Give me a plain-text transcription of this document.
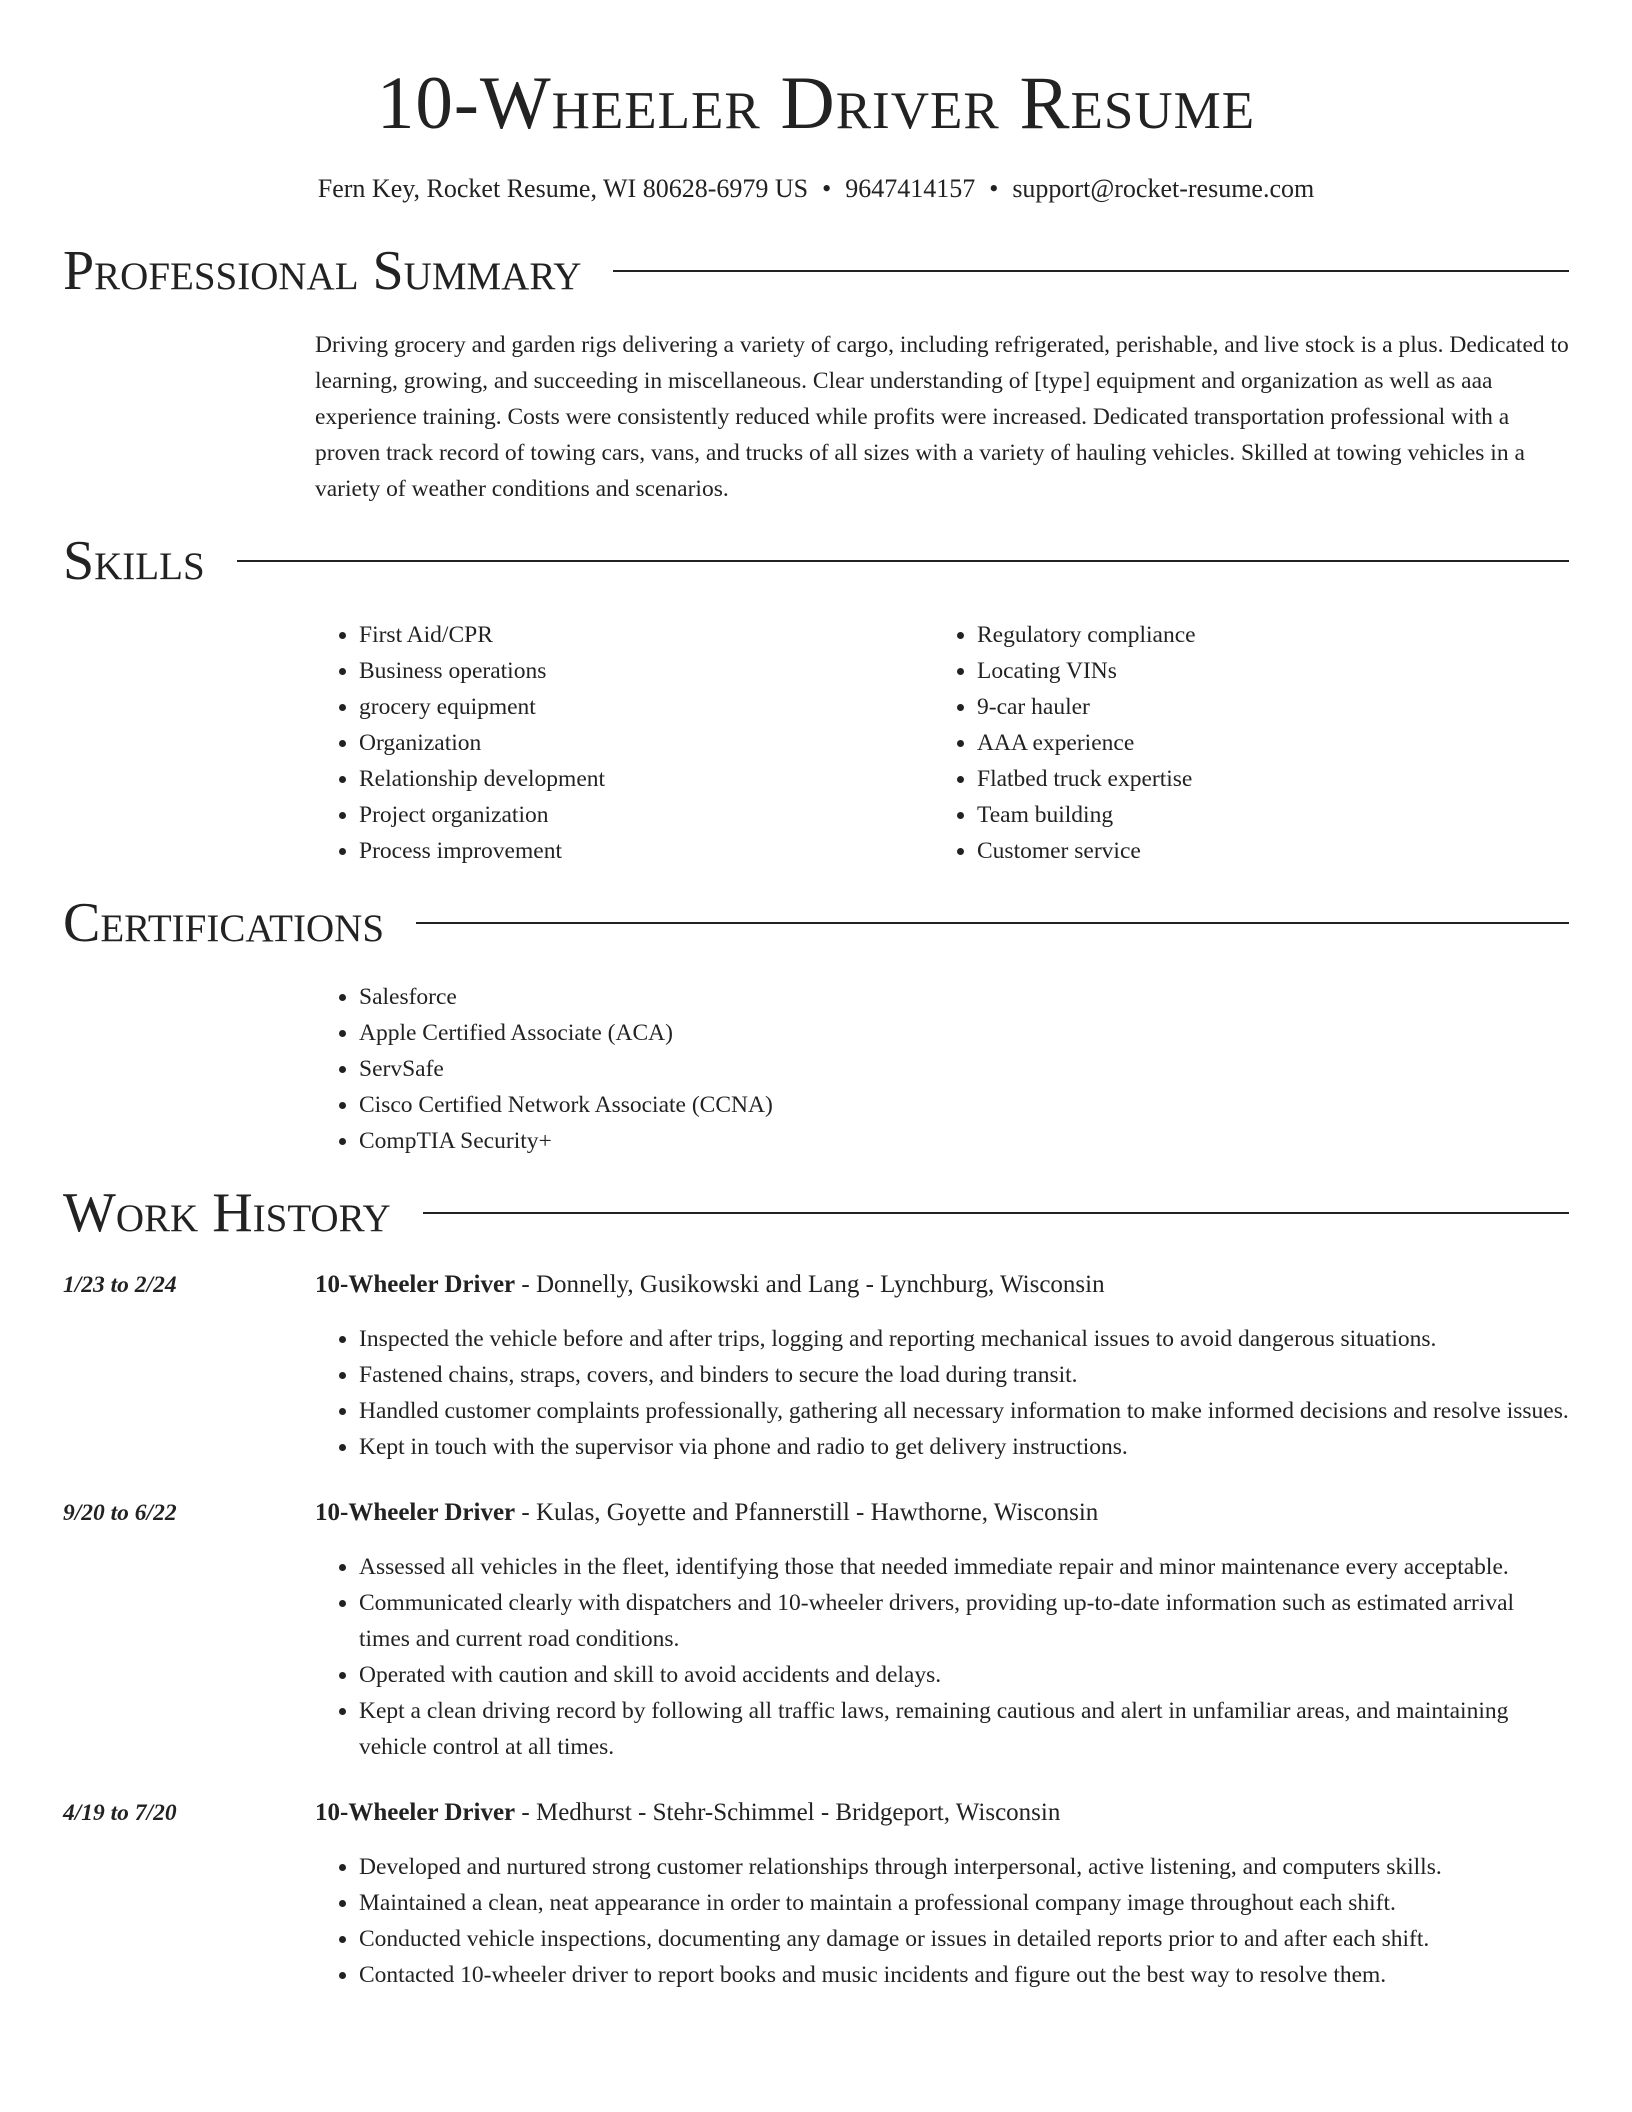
10-Wheeler Driver Resume
Fern Key, Rocket Resume, WI 80628-6979 US • 9647414157 • support@rocket-resume.com
Professional Summary
Driving grocery and garden rigs delivering a variety of cargo, including refrigerated, perishable, and live stock is a plus. Dedicated to learning, growing, and succeeding in miscellaneous. Clear understanding of [type] equipment and organization as well as aaa experience training. Costs were consistently reduced while profits were increased. Dedicated transportation professional with a proven track record of towing cars, vans, and trucks of all sizes with a variety of hauling vehicles. Skilled at towing vehicles in a variety of weather conditions and scenarios.
Skills
• First Aid/CPR
• Business operations
• grocery equipment
• Organization
• Relationship development
• Project organization
• Process improvement
• Regulatory compliance
• Locating VINs
• 9-car hauler
• AAA experience
• Flatbed truck expertise
• Team building
• Customer service
Certifications
• Salesforce
• Apple Certified Associate (ACA)
• ServSafe
• Cisco Certified Network Associate (CCNA)
• CompTIA Security+
Work History
1/23 to 2/24	10-Wheeler Driver - Donnelly, Gusikowski and Lang - Lynchburg, Wisconsin
• Inspected the vehicle before and after trips, logging and reporting mechanical issues to avoid dangerous situations.
• Fastened chains, straps, covers, and binders to secure the load during transit.
• Handled customer complaints professionally, gathering all necessary information to make informed decisions and resolve issues.
• Kept in touch with the supervisor via phone and radio to get delivery instructions.
9/20 to 6/22	10-Wheeler Driver - Kulas, Goyette and Pfannerstill - Hawthorne, Wisconsin
• Assessed all vehicles in the fleet, identifying those that needed immediate repair and minor maintenance every acceptable.
• Communicated clearly with dispatchers and 10-wheeler drivers, providing up-to-date information such as estimated arrival times and current road conditions.
• Operated with caution and skill to avoid accidents and delays.
• Kept a clean driving record by following all traffic laws, remaining cautious and alert in unfamiliar areas, and maintaining vehicle control at all times.
4/19 to 7/20	10-Wheeler Driver - Medhurst - Stehr-Schimmel - Bridgeport, Wisconsin
• Developed and nurtured strong customer relationships through interpersonal, active listening, and computers skills.
• Maintained a clean, neat appearance in order to maintain a professional company image throughout each shift.
• Conducted vehicle inspections, documenting any damage or issues in detailed reports prior to and after each shift.
• Contacted 10-wheeler driver to report books and music incidents and figure out the best way to resolve them.
